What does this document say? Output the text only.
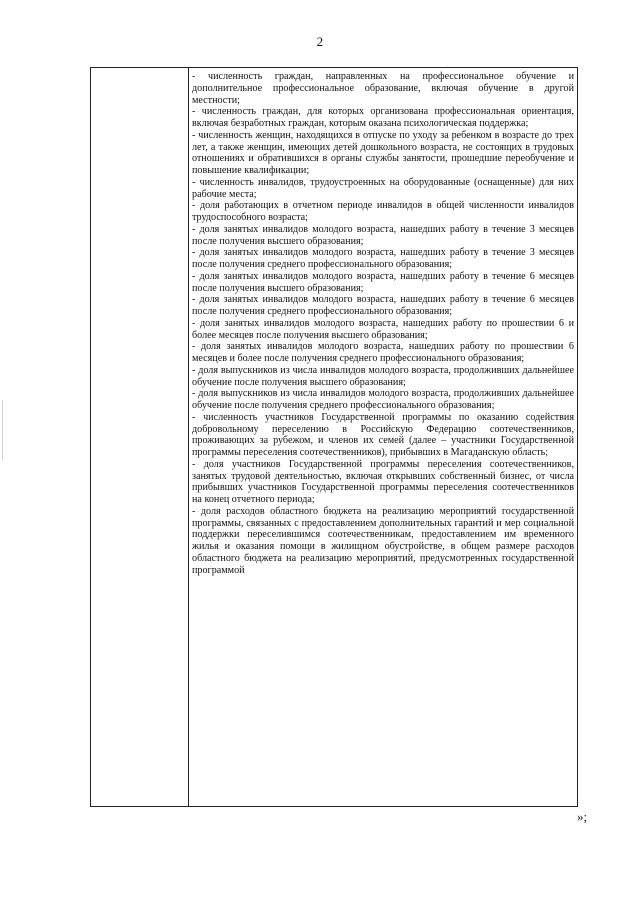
2

- численность граждан, направленных на профессиональное обучение и дополнительное профессиональное образование, включая обучение в другой местности;

- численность граждан, для которых организована профессиональная ориентация, включая безработных граждан, которым оказана психологическая поддержка;

- численность женщин, находящихся в отпуске по уходу за ребенком в возрасте до трех лет, а также женщин, имеющих детей дошкольного возраста, не состоящих в трудовых отношениях и обратившихся в органы службы занятости, прошедшие переобучение и повышение квалификации;

- численность инвалидов, трудоустроенных на оборудованные (оснащенные) для них рабочие места;

- доля работающих в отчетном периоде инвалидов в общей численности инвалидов трудоспособного возраста;

- доля занятых инвалидов молодого возраста, нашедших работу в течение 3 месяцев после получения высшего образования;

- доля занятых инвалидов молодого возраста, нашедших работу в течение 3 месяцев после получения среднего профессионального образования;

- доля занятых инвалидов молодого возраста, нашедших работу в течение 6 месяцев после получения высшего образования;

- доля занятых инвалидов молодого возраста, нашедших работу в течение 6 месяцев после получения среднего профессионального образования;

- доля занятых инвалидов молодого возраста, нашедших работу по прошествии 6 и более месяцев после получения высшего образования;

- доля занятых инвалидов молодого возраста, нашедших работу по прошествии 6 месяцев и более после получения среднего профессионального образования;

- доля выпускников из числа инвалидов молодого возраста, продолживших дальнейшее обучение после получения высшего образования;

- доля выпускников из числа инвалидов молодого возраста, продолживших дальнейшее обучение после получения среднего профессионального образования;

- численность участников Государственной программы по оказанию содействия добровольному переселению в Российскую Федерацию соотечественников, проживающих за рубежом, и членов их семей (далее – участники Государственной программы переселения соотечественников), прибывших в Магаданскую область;

- доля участников Государственной программы переселения соотечественников, занятых трудовой деятельностью, включая открывших собственный бизнес, от числа прибывших участников Государственной программы переселения соотечественников на конец отчетного периода;

- доля расходов областного бюджета на реализацию мероприятий государственной программы, связанных с предоставлением дополнительных гарантий и мер социальной поддержки переселившимся соотечественникам, предоставлением им временного жилья и оказания помощи в жилищном обустройстве, в общем размере расходов областного бюджета на реализацию мероприятий, предусмотренных государственной программой

»;
